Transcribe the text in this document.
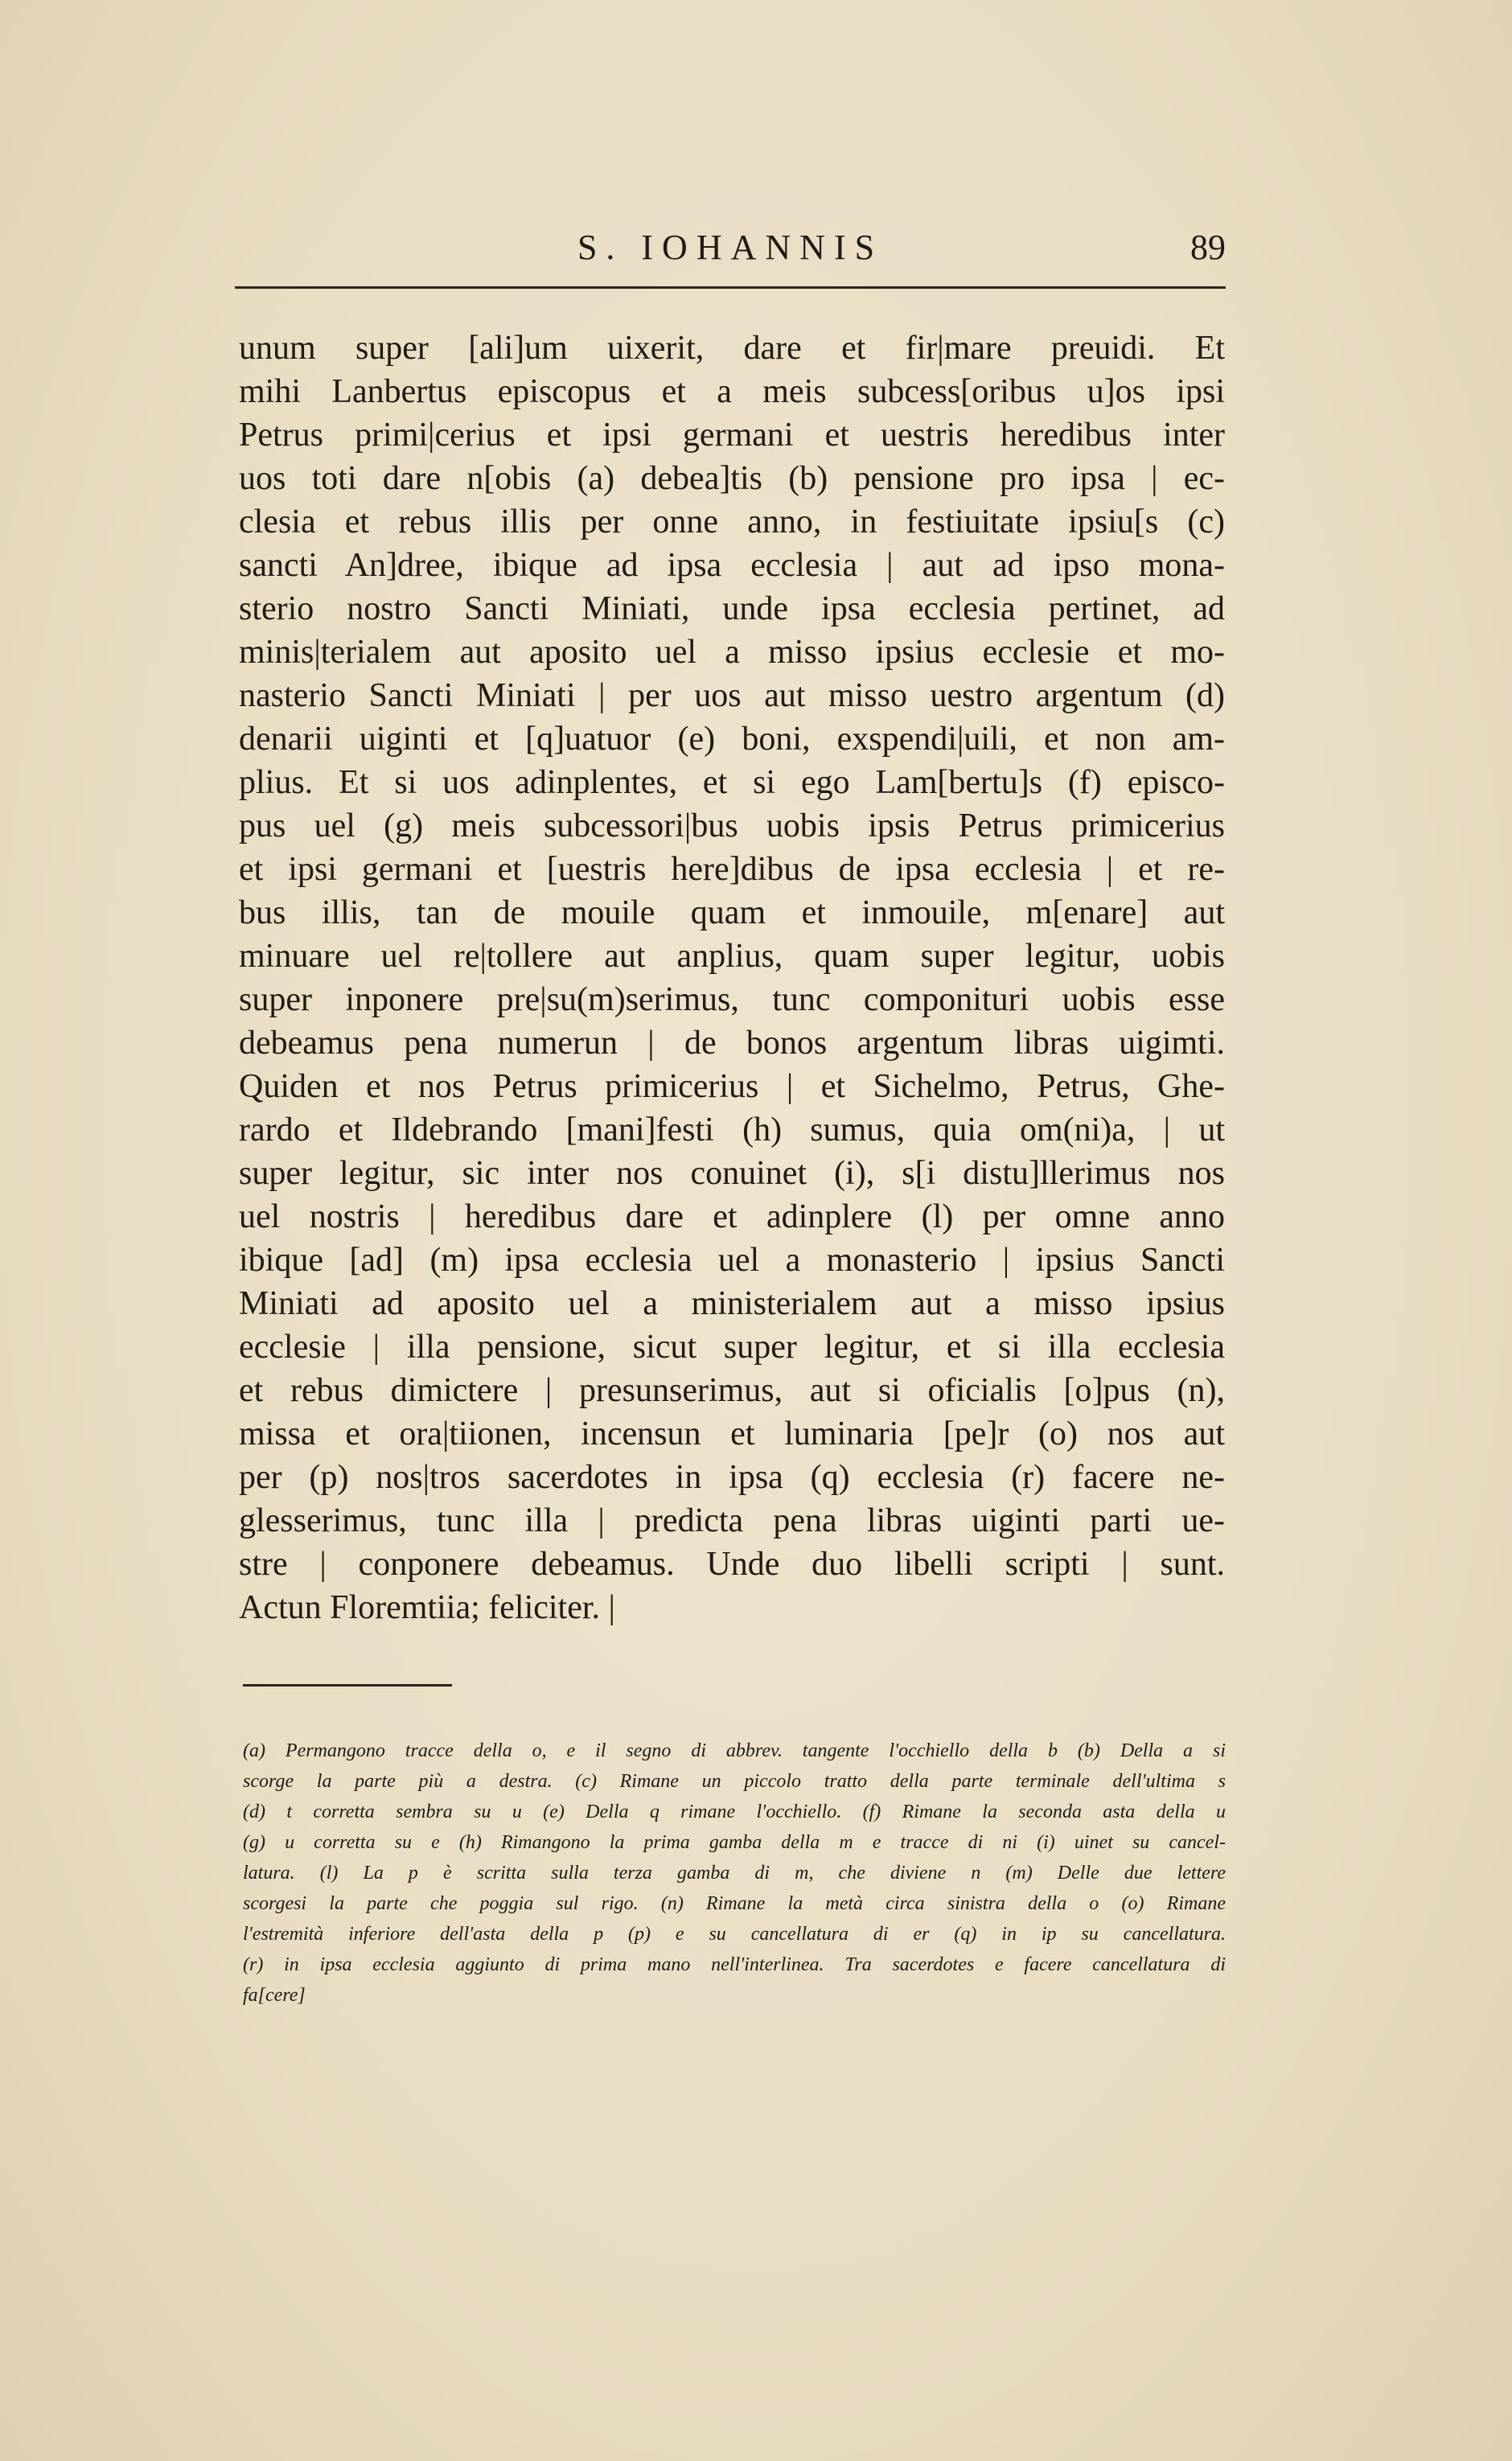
S. IOHANNIS	89
unum super [ali]um uixerit, dare et fir|mare preuidi. Et
mihi Lanbertus episcopus et a meis subcess[oribus u]os ipsi
Petrus primi|cerius et ipsi germani et uestris heredibus inter
uos toti dare n[obis (a) debea]tis (b) pensione pro ipsa | ec-
clesia et rebus illis per onne anno, in festiuitate ipsiu[s (c)
sancti An]dree, ibique ad ipsa ecclesia | aut ad ipso mona-
sterio nostro Sancti Miniati, unde ipsa ecclesia pertinet, ad
minis|terialem aut aposito uel a misso ipsius ecclesie et mo-
nasterio Sancti Miniati | per uos aut misso uestro argentum (d)
denarii uiginti et [q]uatuor (e) boni, exspendi|uili, et non am-
plius. Et si uos adinplentes, et si ego Lam[bertu]s (f) episco-
pus uel (g) meis subcessori|bus uobis ipsis Petrus primicerius
et ipsi germani et [uestris here]dibus de ipsa ecclesia | et re-
bus illis, tan de mouile quam et inmouile, m[enare] aut
minuare uel re|tollere aut anplius, quam super legitur, uobis
super inponere pre|su(m)serimus, tunc componituri uobis esse
debeamus pena numerun | de bonos argentum libras uigimti.
Quiden et nos Petrus primicerius | et Sichelmo, Petrus, Ghe-
rardo et Ildebrando [mani]festi (h) sumus, quia om(ni)a, | ut
super legitur, sic inter nos conuinet (i), s[i distu]llerimus nos
uel nostris | heredibus dare et adinplere (l) per omne anno
ibique [ad] (m) ipsa ecclesia uel a monasterio | ipsius Sancti
Miniati ad aposito uel a ministerialem aut a misso ipsius
ecclesie | illa pensione, sicut super legitur, et si illa ecclesia
et rebus dimictere | presunserimus, aut si oficialis [o]pus (n),
missa et ora|tiionen, incensun et luminaria [pe]r (o) nos aut
per (p) nos|tros sacerdotes in ipsa (q) ecclesia (r) facere ne-
glesserimus, tunc illa | predicta pena libras uiginti parti ue-
stre | conponere debeamus. Unde duo libelli scripti | sunt.
Actun Floremtiia; feliciter. |
(a) Permangono tracce della o, e il segno di abbrev. tangente l'occhiello della b (b) Della a si
scorge la parte più a destra. (c) Rimane un piccolo tratto della parte terminale dell'ultima s
(d) t corretta sembra su u (e) Della q rimane l'occhiello. (f) Rimane la seconda asta della u
(g) u corretta su e (h) Rimangono la prima gamba della m e tracce di ni (i) uinet su cancel-
latura. (l) La p è scritta sulla terza gamba di m, che diviene n (m) Delle due lettere
scorgesi la parte che poggia sul rigo. (n) Rimane la metà circa sinistra della o (o) Rimane
l'estremità inferiore dell'asta della p (p) e su cancellatura di er (q) in ip su cancellatura.
(r) in ipsa ecclesia aggiunto di prima mano nell'interlinea. Tra sacerdotes e facere cancellatura di
fa[cere]
